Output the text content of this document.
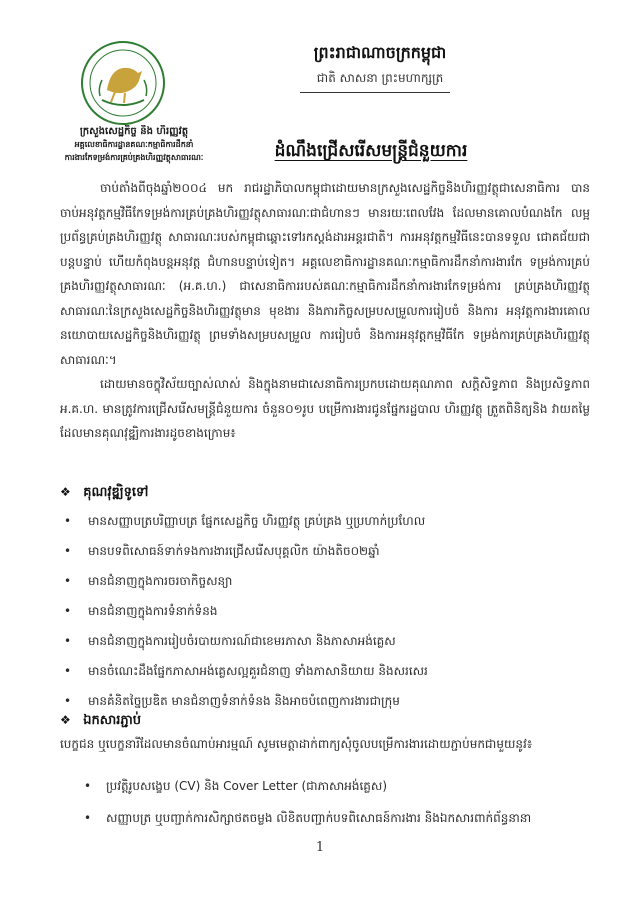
ក្រសួងសេដ្ឋកិច្ច និង ហិរញ្ញវត្ថុ
អគ្គលេខាធិការដ្ឋានគណៈកម្មាធិការដឹកនាំ
ការងារកែទម្រង់ការគ្រប់គ្រងហិរញ្ញវត្ថុសាធារណៈ
ព្រះរាជាណាចក្រកម្ពុជា
ជាតិ សាសនា ព្រះមហាក្សត្រ
ដំណឹងជ្រើសរើសមន្ត្រីជំនួយការ

ចាប់តាំងពីចុងឆ្នាំ២០០៤ មក រាជរដ្ឋាភិបាលកម្ពុជាដោយមានក្រសួងសេដ្ឋកិច្ចនិងហិរញ្ញវត្ថុជាសេនាធិការ បាន ចាប់អនុវត្តកម្មវិធីកែទម្រង់ការគ្រប់គ្រងហិរញ្ញវត្ថុសាធារណៈជាជំហានៗ មានរយៈពេលវែង ដែលមានគោលបំណងកែ លម្អប្រព័ន្ធគ្រប់គ្រងហិរញ្ញវត្ថុ សាធារណៈរបស់កម្ពុជាឆ្ពោះទៅរកស្តង់ដារអន្តរជាតិ។ ការអនុវត្តកម្មវិធីនេះបានទទួល ជោគជ័យជាបន្តបន្ទាប់ ហើយកំពុងបន្តអនុវត្ត ជំហានបន្ទាប់ទៀត។ អគ្គលេខាធិការដ្ឋានគណៈកម្មាធិការដឹកនាំការងារកែ ទម្រង់ការគ្រប់គ្រងហិរញ្ញវត្ថុសាធារណៈ (អ.គ.ហ.) ជាសេនាធិការរបស់គណៈកម្មាធិការដឹកនាំការងារកែទម្រង់ការ គ្រប់គ្រងហិរញ្ញវត្ថុសាធារណៈនៃក្រសួងសេដ្ឋកិច្ចនិងហិរញ្ញវត្ថុមាន មុខងារ និងភារកិច្ចសម្របសម្រួលការរៀបចំ និងការ អនុវត្តការងារគោលនយោបាយសេដ្ឋកិច្ចនិងហិរញ្ញវត្ថុ ព្រមទាំងសម្របសម្រួល ការរៀបចំ និងការអនុវត្តកម្មវិធីកែ ទម្រង់ការគ្រប់គ្រងហិរញ្ញវត្ថុសាធារណៈ។

ដោយមានចក្ខុវិស័យច្បាស់លាស់ និងក្នុងនាមជាសេនាធិការប្រកបដោយគុណភាព សក្តិសិទ្ធភាព និងប្រសិទ្ធភាព អ.គ.ហ. មានត្រូវការជ្រើសរើសមន្ត្រីជំនួយការ ចំនួន០១រូប បម្រើការងារជូនផ្នែករដ្ឋបាល ហិរញ្ញវត្ថុ ត្រួតពិនិត្យនិង វាយតម្លៃ ដែលមានគុណវុឌ្ឍិការងារដូចខាងក្រោម៖

❖ គុណវុឌ្ឍិទូទៅ
• មានសញ្ញាបត្របរិញ្ញាបត្រ ផ្នែកសេដ្ឋកិច្ច ហិរញ្ញវត្ថុ គ្រប់គ្រង ឬប្រហាក់ប្រហែល
• មានបទពិសោធន៍ទាក់ទងការងារជ្រើសរើសបុគ្គលិក យ៉ាងតិច០២ឆ្នាំ
• មានជំនាញក្នុងការចរចាកិច្ចសន្យា
• មានជំនាញក្នុងការទំនាក់ទំនង
• មានជំនាញក្នុងការរៀបចំរបាយការណ៍ជាខេមរភាសា និងភាសាអង់គ្លេស
• មានចំណេះដឹងផ្នែកភាសាអង់គ្លេសល្អគួរជំនាញ ទាំងភាសានិយាយ និងសរសេរ
• មានគំនិតច្នៃប្រឌិត មានជំនាញទំនាក់ទំនង និងអាចបំពេញការងារជាក្រុម
❖ ឯកសារភ្ជាប់
បេក្ខជន ឬបេក្ខនារីដែលមានចំណាប់អារម្មណ៍ សូមមេត្តាដាក់ពាក្យសុំចូលបម្រើការងារដោយភ្ជាប់មកជាមួយនូវ៖
• ប្រវត្តិរូបសង្ខេប (CV) និង Cover Letter (ជាភាសាអង់គ្លេស)
• សញ្ញាបត្រ ឬបញ្ជាក់ការសិក្សាថតចម្លង លិខិតបញ្ជាក់បទពិសោធន៍ការងារ និងឯកសារពាក់ព័ន្ធនានា
1
